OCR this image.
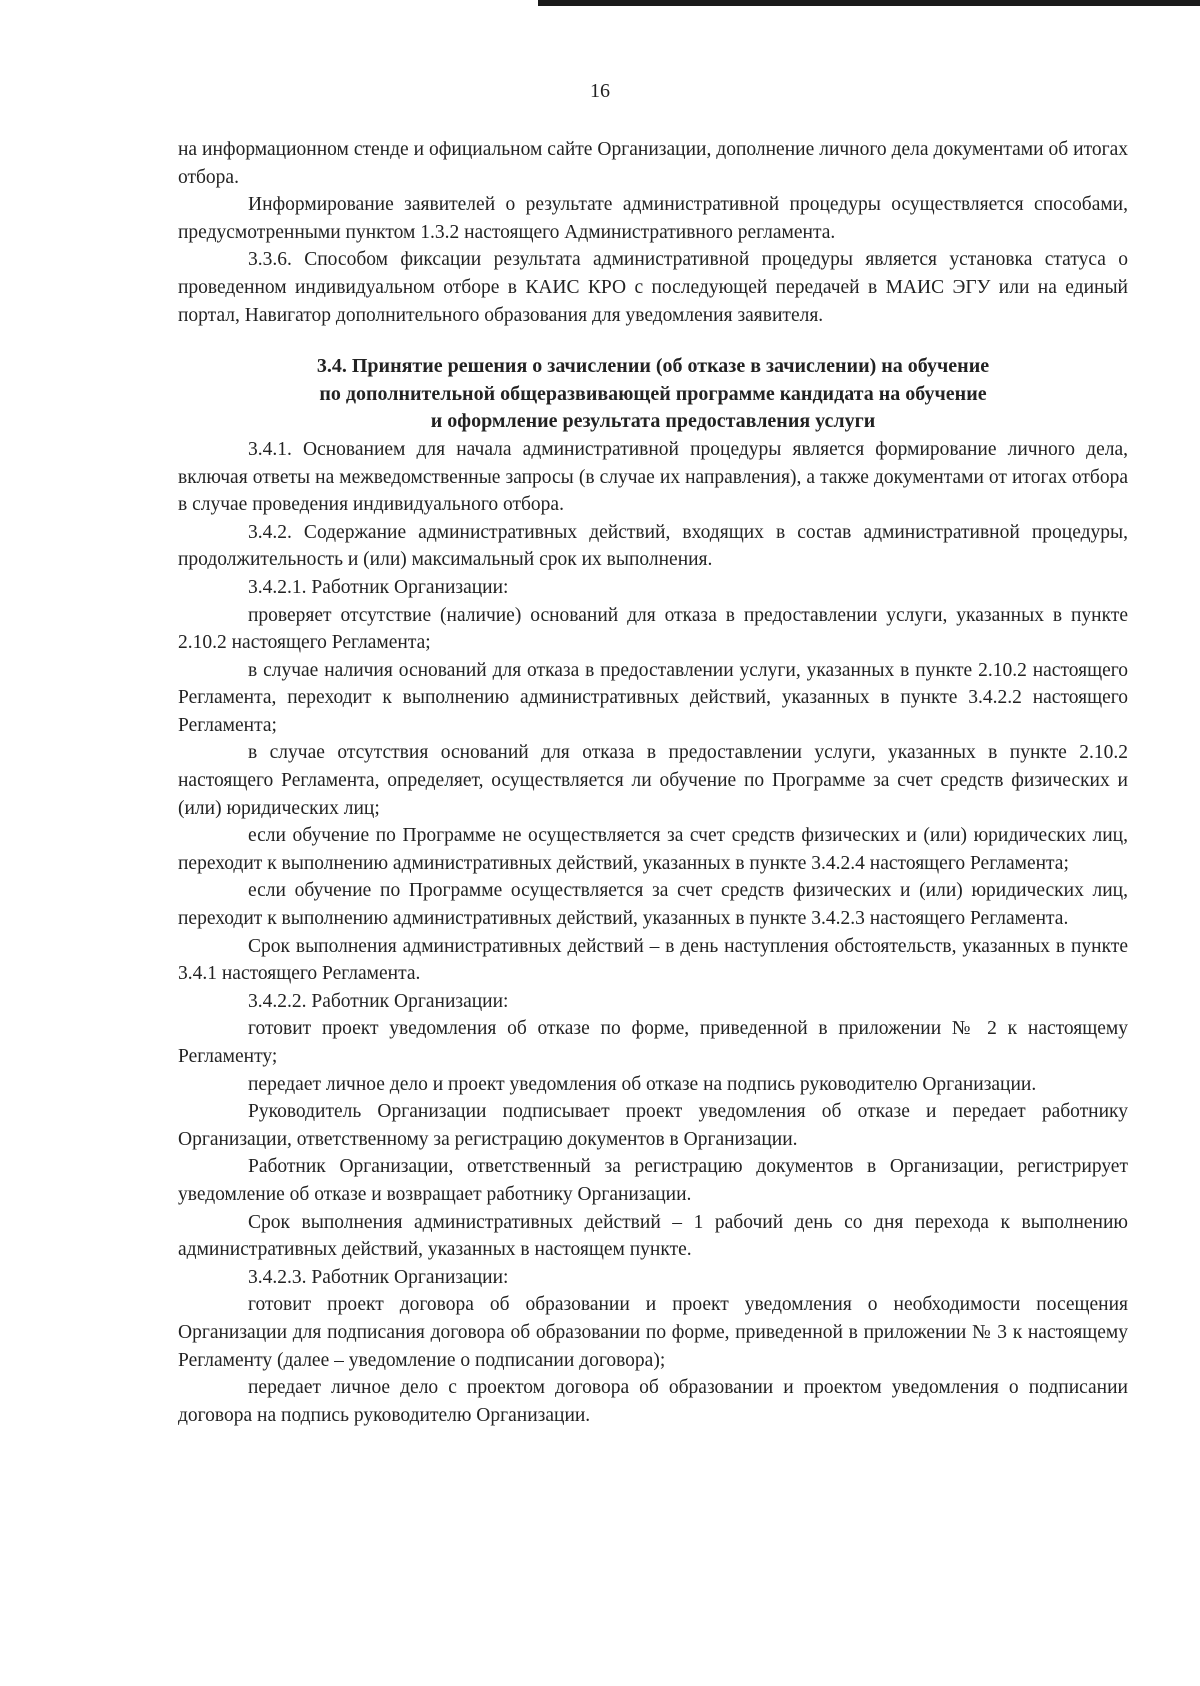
16

на информационном стенде и официальном сайте Организации, дополнение личного дела документами об итогах отбора.

Информирование заявителей о результате административной процедуры осуществляется способами, предусмотренными пунктом 1.3.2 настоящего Административного регламента.

3.3.6. Способом фиксации результата административной процедуры является установка статуса о проведенном индивидуальном отборе в КАИС КРО с последующей передачей в МАИС ЭГУ или на единый портал, Навигатор дополнительного образования для уведомления заявителя.

3.4. Принятие решения о зачислении (об отказе в зачислении) на обучение
по дополнительной общеразвивающей программе кандидата на обучение
и оформление результата предоставления услуги

3.4.1. Основанием для начала административной процедуры является формирование личного дела, включая ответы на межведомственные запросы (в случае их направления), а также документами от итогах отбора в случае проведения индивидуального отбора.

3.4.2. Содержание административных действий, входящих в состав административной процедуры, продолжительность и (или) максимальный срок их выполнения.

3.4.2.1. Работник Организации:

проверяет отсутствие (наличие) оснований для отказа в предоставлении услуги, указанных в пункте 2.10.2 настоящего Регламента;

в случае наличия оснований для отказа в предоставлении услуги, указанных в пункте 2.10.2 настоящего Регламента, переходит к выполнению административных действий, указанных в пункте 3.4.2.2 настоящего Регламента;

в случае отсутствия оснований для отказа в предоставлении услуги, указанных в пункте 2.10.2 настоящего Регламента, определяет, осуществляется ли обучение по Программе за счет средств физических и (или) юридических лиц;

если обучение по Программе не осуществляется за счет средств физических и (или) юридических лиц, переходит к выполнению административных действий, указанных в пункте 3.4.2.4 настоящего Регламента;

если обучение по Программе осуществляется за счет средств физических и (или) юридических лиц, переходит к выполнению административных действий, указанных в пункте 3.4.2.3 настоящего Регламента.

Срок выполнения административных действий – в день наступления обстоятельств, указанных в пункте 3.4.1 настоящего Регламента.

3.4.2.2. Работник Организации:

готовит проект уведомления об отказе по форме, приведенной в приложении № 2 к настоящему Регламенту;

передает личное дело и проект уведомления об отказе на подпись руководителю Организации.

Руководитель Организации подписывает проект уведомления об отказе и передает работнику Организации, ответственному за регистрацию документов в Организации.

Работник Организации, ответственный за регистрацию документов в Организации, регистрирует уведомление об отказе и возвращает работнику Организации.

Срок выполнения административных действий – 1 рабочий день со дня перехода к выполнению административных действий, указанных в настоящем пункте.

3.4.2.3. Работник Организации:

готовит проект договора об образовании и проект уведомления о необходимости посещения Организации для подписания договора об образовании по форме, приведенной в приложении № 3 к настоящему Регламенту (далее – уведомление о подписании договора);

передает личное дело с проектом договора об образовании и проектом уведомления о подписании договора на подпись руководителю Организации.
